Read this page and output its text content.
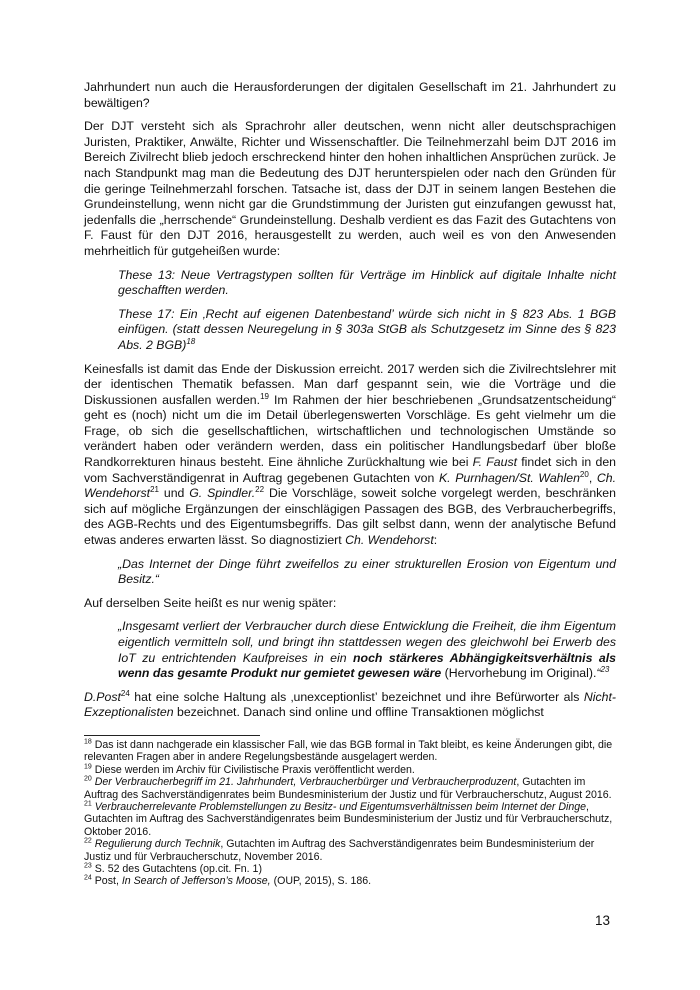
Jahrhundert nun auch die Herausforderungen der digitalen Gesellschaft im 21. Jahrhundert zu bewältigen?

Der DJT versteht sich als Sprachrohr aller deutschen, wenn nicht aller deutschsprachigen Juristen, Praktiker, Anwälte, Richter und Wissenschaftler. Die Teilnehmerzahl beim DJT 2016 im Bereich Zivilrecht blieb jedoch erschreckend hinter den hohen inhaltlichen Ansprüchen zurück. Je nach Standpunkt mag man die Bedeutung des DJT herunterspielen oder nach den Gründen für die geringe Teilnehmerzahl forschen. Tatsache ist, dass der DJT in seinem langen Bestehen die Grundeinstellung, wenn nicht gar die Grundstimmung der Juristen gut einzufangen gewusst hat, jedenfalls die „herrschende“ Grundeinstellung. Deshalb verdient es das Fazit des Gutachtens von F. Faust für den DJT 2016, herausgestellt zu werden, auch weil es von den Anwesenden mehrheitlich für gutgeheißen wurde:

These 13: Neue Vertragstypen sollten für Verträge im Hinblick auf digitale Inhalte nicht geschafften werden.

These 17: Ein ‚Recht auf eigenen Datenbestand’ würde sich nicht in § 823 Abs. 1 BGB einfügen. (statt dessen Neuregelung in § 303a StGB als Schutzgesetz im Sinne des § 823 Abs. 2 BGB)$^{18}$

Keinesfalls ist damit das Ende der Diskussion erreicht. 2017 werden sich die Zivilrechtslehrer mit der identischen Thematik befassen. Man darf gespannt sein, wie die Vorträge und die Diskussionen ausfallen werden.$^{19}$ Im Rahmen der hier beschriebenen „Grundsatzentscheidung“ geht es (noch) nicht um die im Detail überlegenswerten Vorschläge. Es geht vielmehr um die Frage, ob sich die gesellschaftlichen, wirtschaftlichen und technologischen Umstände so verändert haben oder verändern werden, dass ein politischer Handlungsbedarf über bloße Randkorrekturen hinaus besteht. Eine ähnliche Zurückhaltung wie bei F. Faust findet sich in den vom Sachverständigenrat in Auftrag gegebenen Gutachten von K. Purnhagen/St. Wahlen$^{20}$, Ch. Wendehorst$^{21}$ und G. Spindler.$^{22}$ Die Vorschläge, soweit solche vorgelegt werden, beschränken sich auf mögliche Ergänzungen der einschlägigen Passagen des BGB, des Verbraucherbegriffs, des AGB-Rechts und des Eigentumsbegriffs. Das gilt selbst dann, wenn der analytische Befund etwas anderes erwarten lässt. So diagnostiziert Ch. Wendehorst:

„Das Internet der Dinge führt zweifellos zu einer strukturellen Erosion von Eigentum und Besitz.“

Auf derselben Seite heißt es nur wenig später:

„Insgesamt verliert der Verbraucher durch diese Entwicklung die Freiheit, die ihm Eigentum eigentlich vermitteln soll, und bringt ihn stattdessen wegen des gleichwohl bei Erwerb des IoT zu entrichtenden Kaufpreises in ein noch stärkeres Abhängigkeitsverhältnis als wenn das gesamte Produkt nur gemietet gewesen wäre (Hervorhebung im Original).“$^{23}$

D.Post$^{24}$ hat eine solche Haltung als ‚unexceptionlist’ bezeichnet und ihre Befürworter als Nicht-Exzeptionalisten bezeichnet. Danach sind online und offline Transaktionen möglichst

$^{18}$ Das ist dann nachgerade ein klassischer Fall, wie das BGB formal in Takt bleibt, es keine Änderungen gibt, die relevanten Fragen aber in andere Regelungsbestände ausgelagert werden.

$^{19}$ Diese werden im Archiv für Civilistische Praxis veröffentlicht werden.

$^{20}$ Der Verbraucherbegriff im 21. Jahrhundert, Verbraucherbürger und Verbraucherproduzent, Gutachten im Auftrag des Sachverständigenrates beim Bundesministerium der Justiz und für Verbraucherschutz, August 2016.

$^{21}$ Verbraucherrelevante Problemstellungen zu Besitz- und Eigentumsverhältnissen beim Internet der Dinge, Gutachten im Auftrag des Sachverständigenrates beim Bundesministerium der Justiz und für Verbraucherschutz, Oktober 2016.

$^{22}$ Regulierung durch Technik, Gutachten im Auftrag des Sachverständigenrates beim Bundesministerium der Justiz und für Verbraucherschutz, November 2016.

$^{23}$ S. 52 des Gutachtens (op.cit. Fn. 1)

$^{24}$ Post, In Search of Jefferson’s Moose, (OUP, 2015), S. 186.

13
